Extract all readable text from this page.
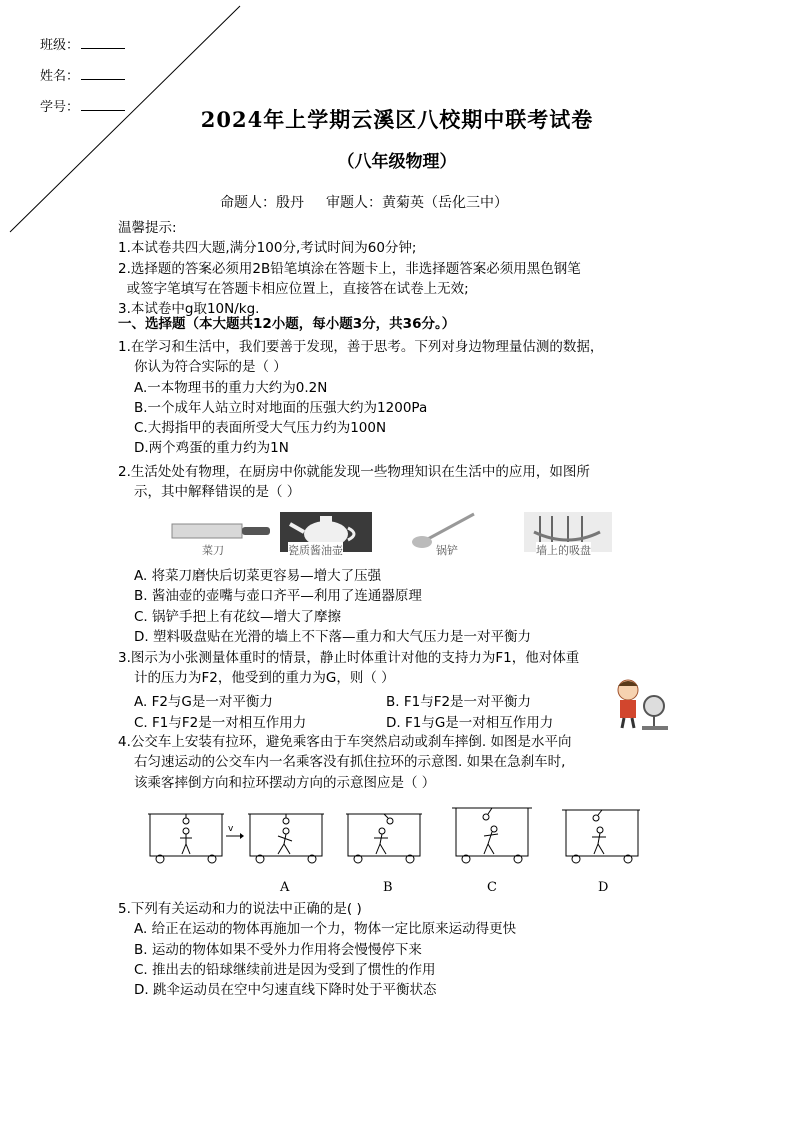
班级：
姓名：
学号：	2024年上学期云溪区八校期中联考试卷
（八年级物理）
命题人：殷丹 审题人：黄菊英（岳化三中）
温馨提示:
1.本试卷共四大题,满分100分,考试时间为60分钟;
2.选择题的答案必须用2B铅笔填涂在答题卡上，非选择题答案必须用黑色钢笔
或签字笔填写在答题卡相应位置上，直接答在试卷上无效;
3.本试卷中g取10N/kg.
一、选择题（本大题共12小题，每小题3分，共36分。）
1.在学习和生活中，我们要善于发现，善于思考。下列对身边物理量估测的数据，
你认为符合实际的是（ ）
A.一本物理书的重力大约为0.2N
B.一个成年人站立时对地面的压强大约为1200Pa
C.大拇指甲的表面所受大气压力约为100N
D.两个鸡蛋的重力约为1N
2.生活处处有物理，在厨房中你就能发现一些物理知识在生活中的应用，如图所
示，其中解释错误的是（ ）
菜刀	瓷质酱油壶	锅铲	墙上的吸盘
A. 将菜刀磨快后切菜更容易—增大了压强
B. 酱油壶的壶嘴与壶口齐平—利用了连通器原理
C. 锅铲手把上有花纹—增大了摩擦
D. 塑料吸盘贴在光滑的墙上不下落—重力和大气压力是一对平衡力
3.图示为小张测量体重时的情景，静止时体重计对他的支持力为F1，他对体重
计的压力为F2，他受到的重力为G，则（ ）
A. F2与G是一对平衡力	B. F1与F2是一对平衡力
C. F1与F2是一对相互作用力	D. F1与G是一对相互作用力
4.公交车上安装有拉环，避免乘客由于车突然启动或刹车摔倒. 如图是水平向
右匀速运动的公交车内一名乘客没有抓住拉环的示意图. 如果在急刹车时,
该乘客摔倒方向和拉环摆动方向的示意图应是（ ）
v
A	B	C	D
5.下列有关运动和力的说法中正确的是( )
A. 给正在运动的物体再施加一个力，物体一定比原来运动得更快
B. 运动的物体如果不受外力作用将会慢慢停下来
C. 推出去的铅球继续前进是因为受到了惯性的作用
D. 跳伞运动员在空中匀速直线下降时处于平衡状态
